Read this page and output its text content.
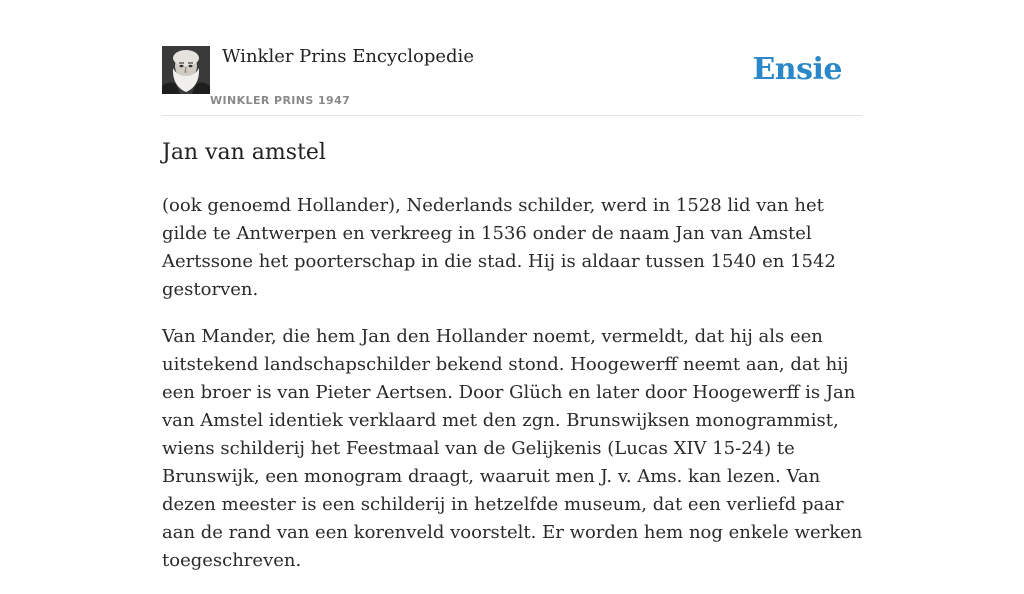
Winkler Prins Encyclopedie
WINKLER PRINS 1947
Ensie
Jan van amstel

(ook genoemd Hollander), Nederlands schilder, werd in 1528 lid van het gilde te Antwerpen en verkreeg in 1536 onder de naam Jan van Amstel Aertssone het poorterschap in die stad. Hij is aldaar tussen 1540 en 1542 gestorven.

Van Mander, die hem Jan den Hollander noemt, vermeldt, dat hij als een uitstekend landschapschilder bekend stond. Hoogewerff neemt aan, dat hij een broer is van Pieter Aertsen. Door Glüch en later door Hoogewerff is Jan van Amstel identiek verklaard met den zgn. Brunswijksen monogrammist, wiens schilderij het Feestmaal van de Gelijkenis (Lucas XIV 15-24) te Brunswijk, een monogram draagt, waaruit men J. v. Ams. kan lezen. Van dezen meester is een schilderij in hetzelfde museum, dat een verliefd paar aan de rand van een korenveld voorstelt. Er worden hem nog enkele werken toegeschreven.
